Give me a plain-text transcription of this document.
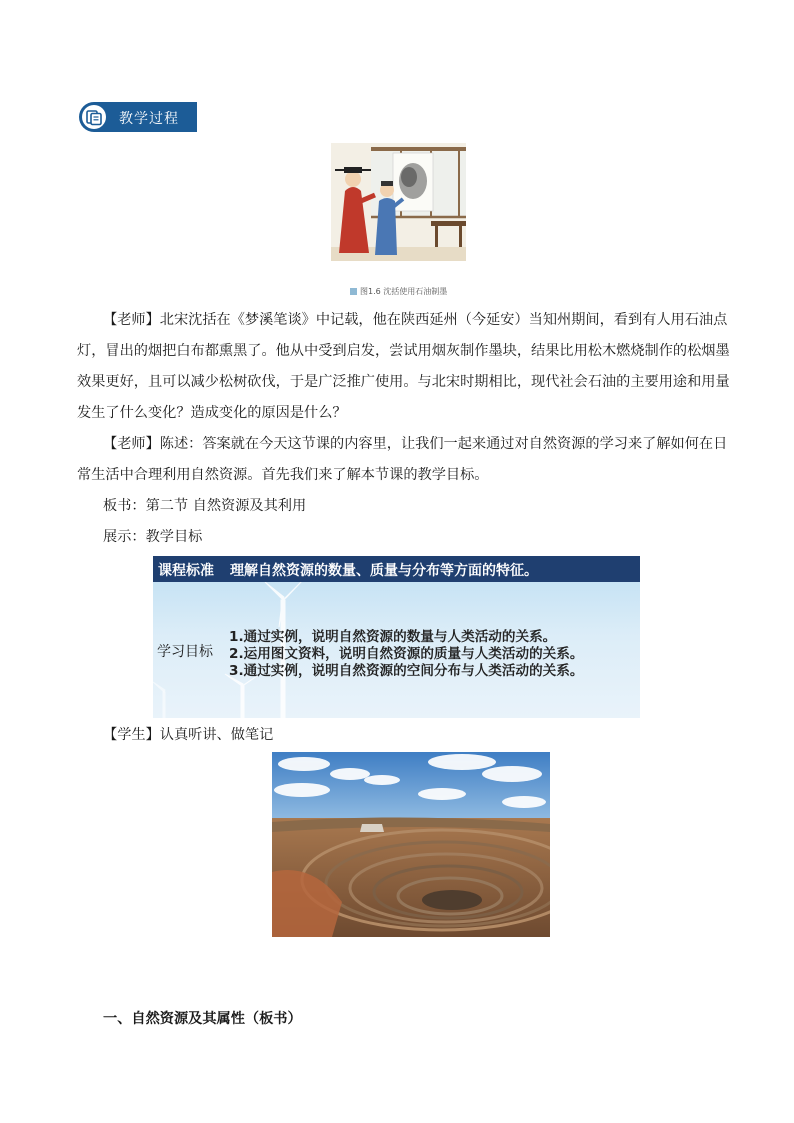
教学过程
图1.6 沈括使用石油制墨
【老师】北宋沈括在《梦溪笔谈》中记载，他在陕西延州（今延安）当知州期间，看到有人用石油点
灯，冒出的烟把白布都熏黑了。他从中受到启发，尝试用烟灰制作墨块，结果比用松木燃烧制作的松烟墨
效果更好，且可以减少松树砍伐，于是广泛推广使用。与北宋时期相比，现代社会石油的主要用途和用量
发生了什么变化？造成变化的原因是什么？
【老师】陈述：答案就在今天这节课的内容里，让我们一起来通过对自然资源的学习来了解如何在日
常生活中合理利用自然资源。首先我们来了解本节课的教学目标。
板书：第二节 自然资源及其利用
展示：教学目标
课程标准 理解自然资源的数量、质量与分布等方面的特征。
学习目标
1.通过实例，说明自然资源的数量与人类活动的关系。
2.运用图文资料，说明自然资源的质量与人类活动的关系。
3.通过实例，说明自然资源的空间分布与人类活动的关系。
【学生】认真听讲、做笔记
一、自然资源及其属性（板书）
